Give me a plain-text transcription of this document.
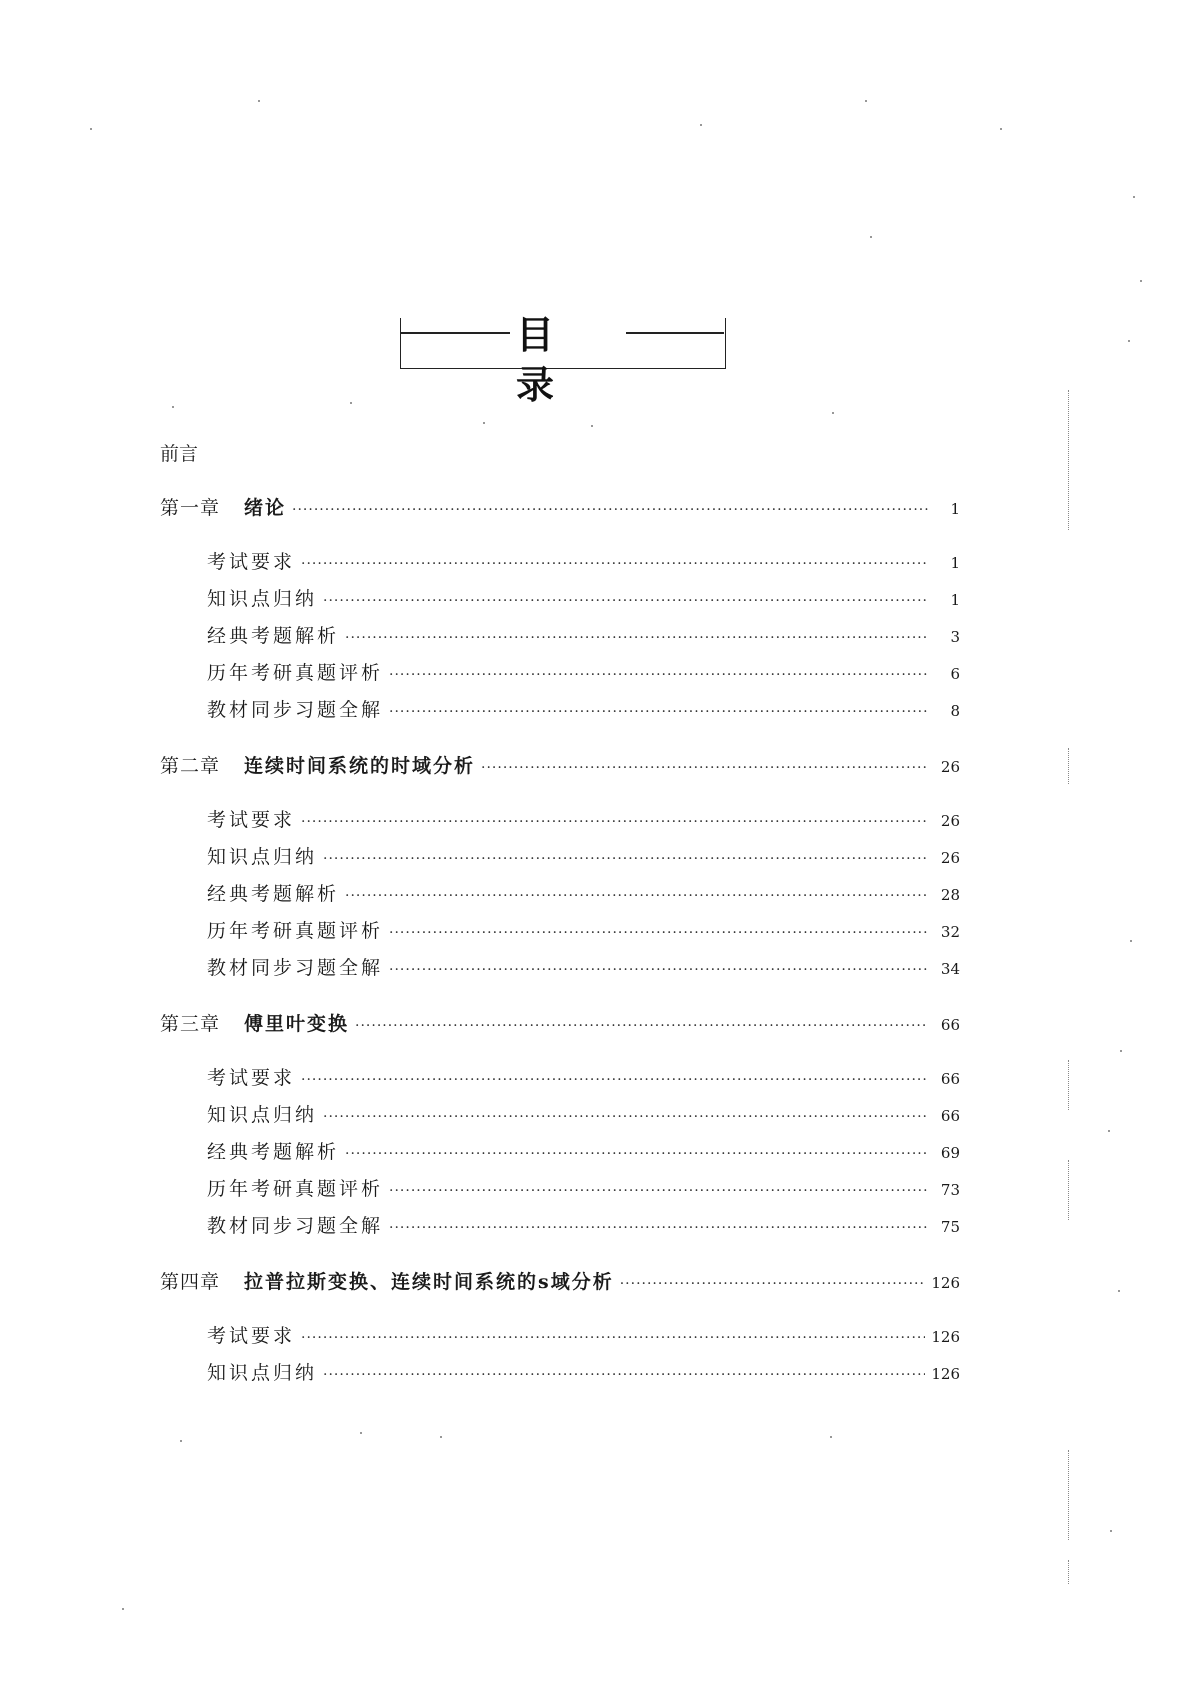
目录
前言
第一章 绪论 ·····	1
考试要求 ·····	1
知识点归纳 ·····	1
经典考题解析 ·····	3
历年考研真题评析 ·····	6
教材同步习题全解 ·····	8
第二章 连续时间系统的时域分析 ·····	26
考试要求 ·····	26
知识点归纳 ·····	26
经典考题解析 ·····	28
历年考研真题评析 ·····	32
教材同步习题全解 ·····	34
第三章 傅里叶变换 ·····	66
考试要求 ·····	66
知识点归纳 ·····	66
经典考题解析 ·····	69
历年考研真题评析 ·····	73
教材同步习题全解 ·····	75
第四章 拉普拉斯变换、连续时间系统的s域分析 ·····	126
考试要求 ·····	126
知识点归纳 ·····	126
